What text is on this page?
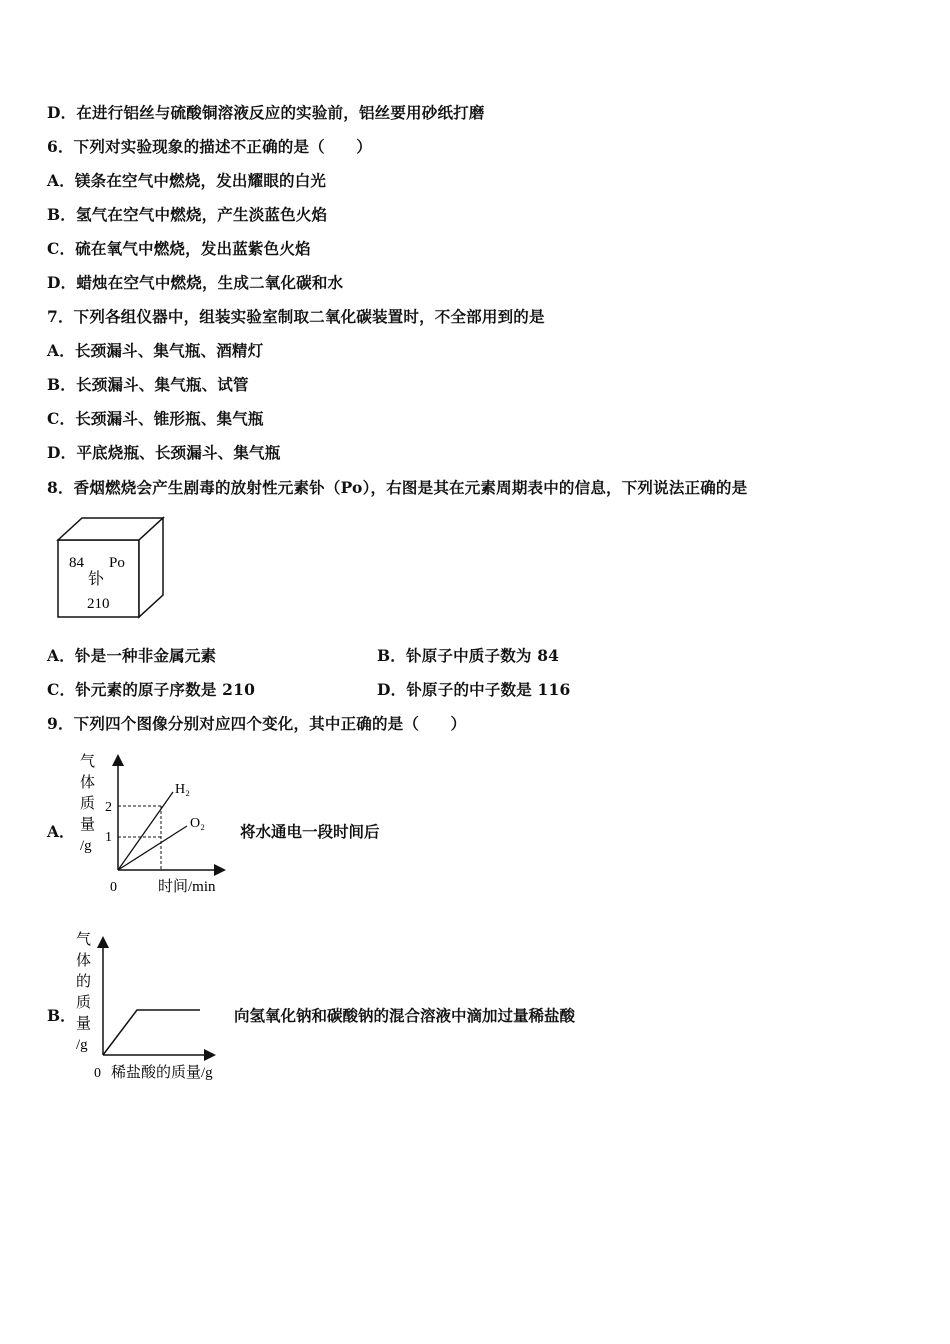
D．在进行铝丝与硫酸铜溶液反应的实验前，铝丝要用砂纸打磨
6．下列对实验现象的描述不正确的是（　　）
A．镁条在空气中燃烧，发出耀眼的白光
B．氢气在空气中燃烧，产生淡蓝色火焰
C．硫在氧气中燃烧，发出蓝紫色火焰
D．蜡烛在空气中燃烧，生成二氧化碳和水
7．下列各组仪器中，组装实验室制取二氧化碳装置时，不全部用到的是
A．长颈漏斗、集气瓶、酒精灯
B．长颈漏斗、集气瓶、试管
C．长颈漏斗、锥形瓶、集气瓶
D．平底烧瓶、长颈漏斗、集气瓶
8．香烟燃烧会产生剧毒的放射性元素钋（Po），右图是其在元素周期表中的信息，下列说法正确的是
84 Po
钋
210
A．钋是一种非金属元素	B．钋原子中质子数为 84
C．钋元素的原子序数是 210	D．钋原子的中子数是 116
9．下列四个图像分别对应四个变化，其中正确的是（　　）
A．
气
体
质
量
/g
0	时间/min
2
1
H₂
O₂ 将水通电一段时间后
B．
气
体
的
质
量
/g
0 稀盐酸的质量/g
向氢氧化钠和碳酸钠的混合溶液中滴加过量稀盐酸
